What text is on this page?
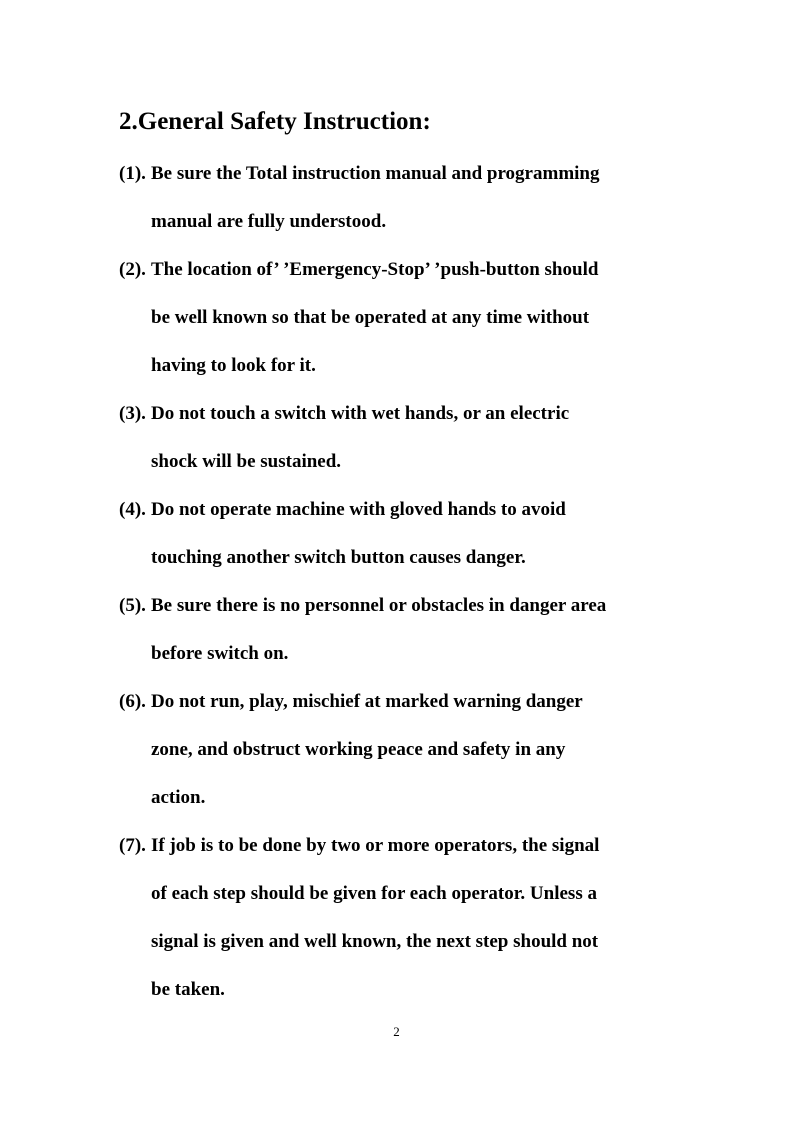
2.General Safety Instruction:
(1). Be sure the Total instruction manual and programming
manual are fully understood.
(2). The location of’ ’Emergency-Stop’ ’push-button should
be well known so that be operated at any time without
having to look for it.
(3). Do not touch a switch with wet hands, or an electric
shock will be sustained.
(4). Do not operate machine with gloved hands to avoid
touching another switch button causes danger.
(5). Be sure there is no personnel or obstacles in danger area
before switch on.
(6). Do not run, play, mischief at marked warning danger
zone, and obstruct working peace and safety in any
action.
(7). If job is to be done by two or more operators, the signal
of each step should be given for each operator. Unless a
signal is given and well known, the next step should not
be taken.
2
